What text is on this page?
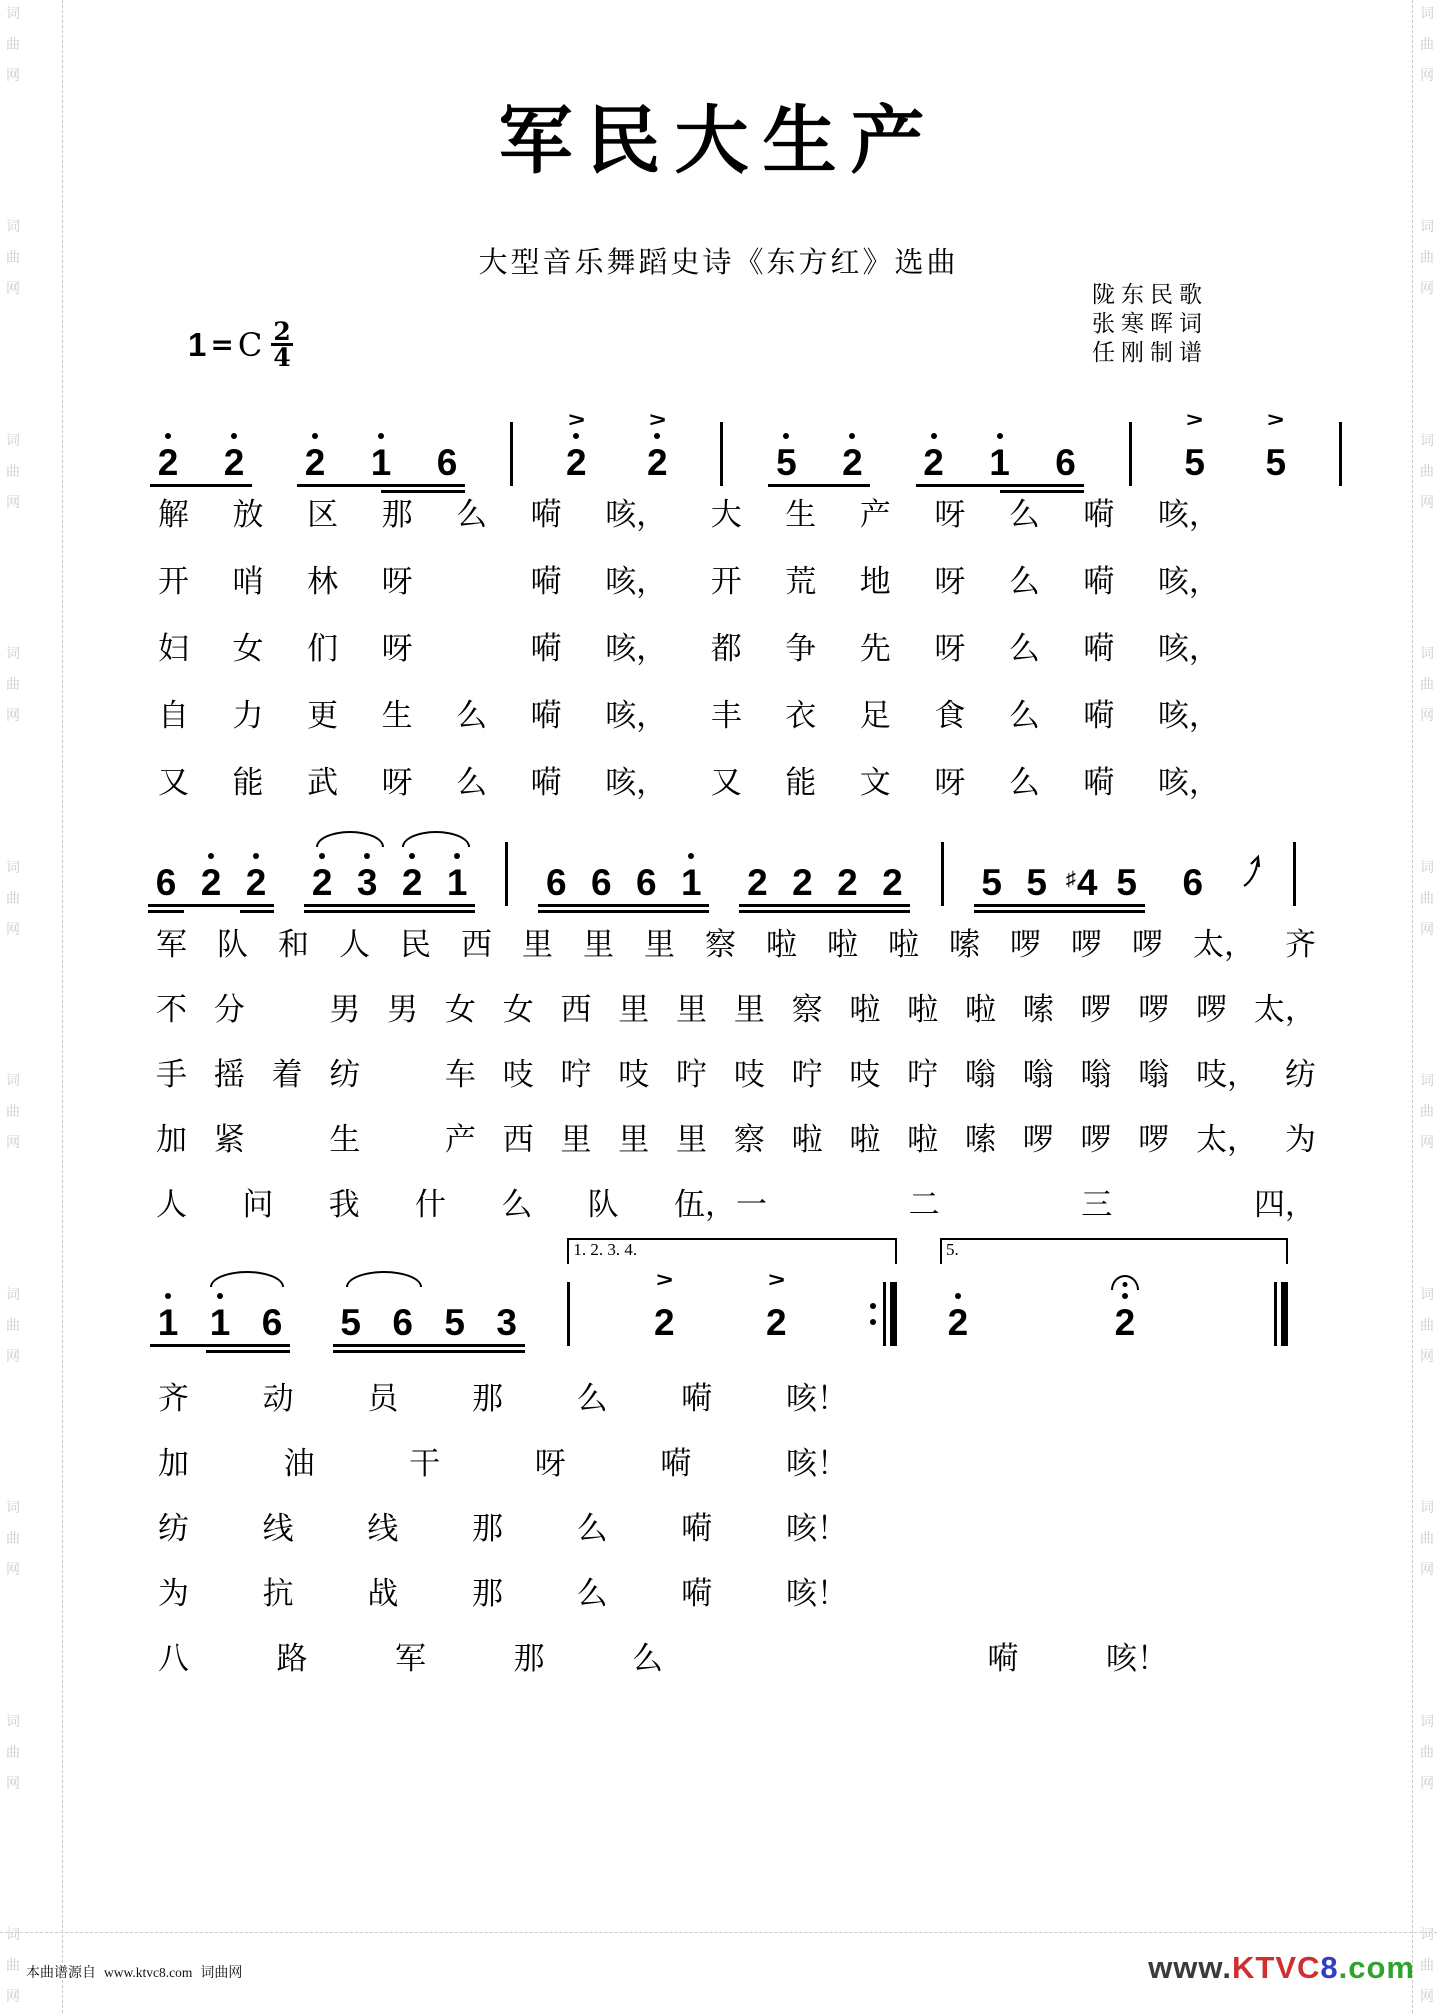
词
曲
网
词
曲
网
词
曲
网
词
曲
网
词
曲
网
词
曲
网
词
曲
网
词
曲
网
词
曲
网
词
曲
网
词
曲
网
词
曲
网
词
曲
网
词
曲
网
词
曲
网
词
曲
网
词
曲
网
词
曲
网
词
曲
网
词
曲
网
军民大生产
大型音乐舞蹈史诗《东方红》选曲
陇东民歌
张寒晖词
任刚制谱
1 = C $\frac{2}{4}$
2 2 2 1 6
>
2
>
2	5 2 2 1 6
>
5
>
5
解 放 区 那 么 嗬 咳， 大 生 产 呀 么 嗬 咳，
开 哨 林 呀	嗬 咳， 开 荒 地 呀 么 嗬 咳，
妇 女 们 呀	嗬 咳， 都 争 先 呀 么 嗬 咳，
自 力 更 生 么 嗬 咳， 丰 衣 足 食 么 嗬 咳，
又 能 武 呀 么 嗬 咳， 又 能 文 呀 么 嗬 咳，
6 2 2 2 3 2 1 6 6 6 1 2 2 2 2 5 5 ♯4 5 6
军 队 和 人 民 西 里 里 里 察 啦 啦 啦 嗦 啰 啰 啰 太， 齐
不 分	男 男 女 女 西 里 里 里 察 啦 啦 啦 嗦 啰 啰 啰 太，
手 摇 着 纺	车 吱 咛 吱 咛 吱 咛 吱 咛 嗡 嗡 嗡 嗡 吱， 纺
加 紧	生	产 西 里 里 里 察 啦 啦 啦 嗦 啰 啰 啰 太， 为
人 问 我 什 么 队 伍，一	二	三	四，
1 1 6 5 6 5 3
1. 2. 3. 4.
>
2
>
2
5.
2	2
齐 动 员 那 么 嗬 咳！
加	油	干	呀	嗬	咳！
纺 线 线 那 么 嗬 咳！
为 抗 战 那 么 嗬 咳！
八	路	军	那	么	嗬	咳！
本曲谱源自 www.ktvc8.com 词曲网	www. KTVC 8 .com
